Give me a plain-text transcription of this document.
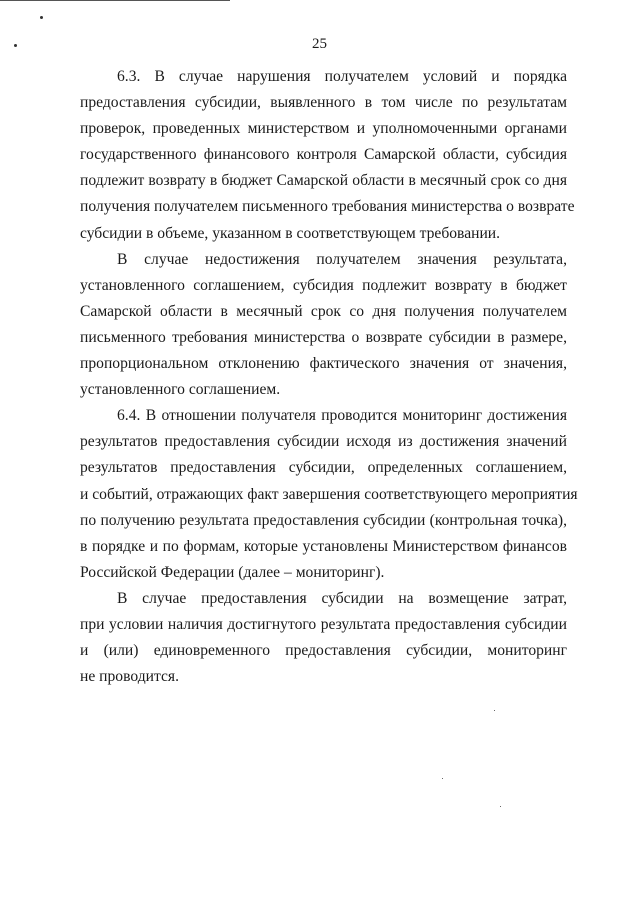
25
6.3. В случае нарушения получателем условий и порядка
предоставления субсидии, выявленного в том числе по результатам
проверок, проведенных министерством и уполномоченными органами
государственного финансового контроля Самарской области, субсидия
подлежит возврату в бюджет Самарской области в месячный срок со дня
получения получателем письменного требования министерства о возврате
субсидии в объеме, указанном в соответствующем требовании.
В случае недостижения получателем значения результата,
установленного соглашением, субсидия подлежит возврату в бюджет
Самарской области в месячный срок со дня получения получателем
письменного требования министерства о возврате субсидии в размере,
пропорциональном отклонению фактического значения от значения,
установленного соглашением.
6.4. В отношении получателя проводится мониторинг достижения
результатов предоставления субсидии исходя из достижения значений
результатов предоставления субсидии, определенных соглашением,
и событий, отражающих факт завершения соответствующего мероприятия
по получению результата предоставления субсидии (контрольная точка),
в порядке и по формам, которые установлены Министерством финансов
Российской Федерации (далее – мониторинг).
В случае предоставления субсидии на возмещение затрат,
при условии наличия достигнутого результата предоставления субсидии
и (или) единовременного предоставления субсидии, мониторинг
не проводится.
